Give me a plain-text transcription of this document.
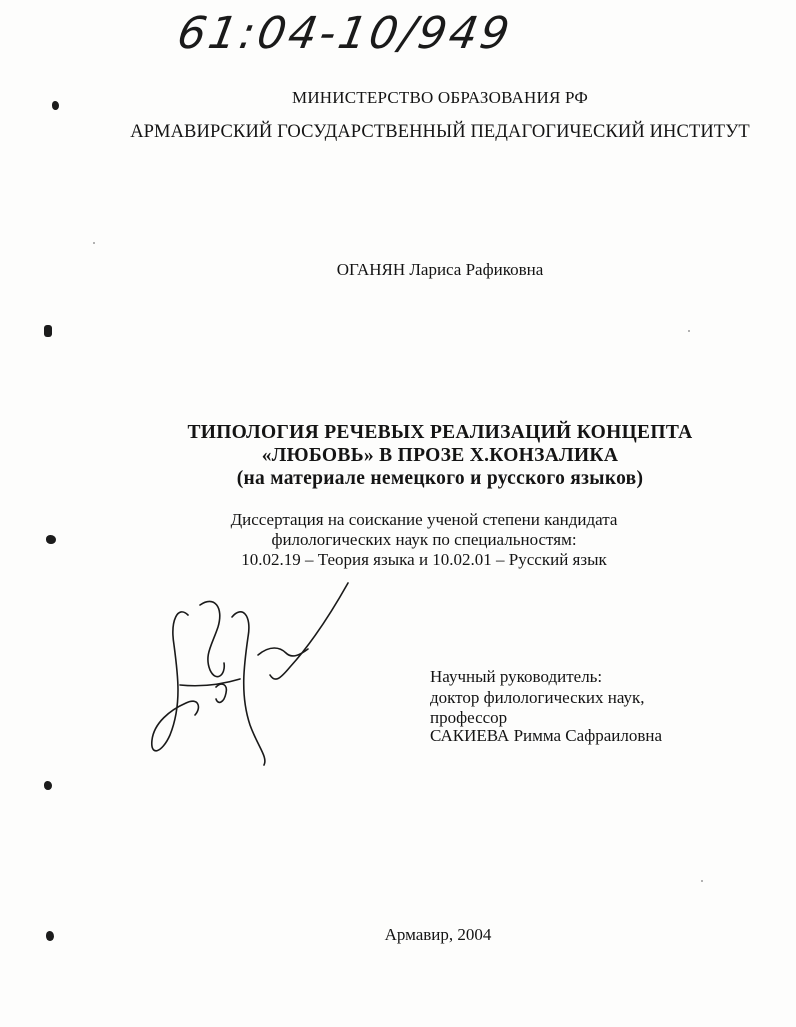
61:04-10/949
МИНИСТЕРСТВО ОБРАЗОВАНИЯ РФ
АРМАВИРСКИЙ ГОСУДАРСТВЕННЫЙ ПЕДАГОГИЧЕСКИЙ ИНСТИТУТ
ОГАНЯН Лариса Рафиковна
ТИПОЛОГИЯ РЕЧЕВЫХ РЕАЛИЗАЦИЙ КОНЦЕПТА
«ЛЮБОВЬ» В ПРОЗЕ Х.КОНЗАЛИКА
(на материале немецкого и русского языков)
Диссертация на соискание ученой степени кандидата
филологических наук по специальностям:
10.02.19 – Теория языка и 10.02.01 – Русский язык
Научный руководитель:
доктор филологических наук,
профессор
САКИЕВА Римма Сафраиловна
Армавир, 2004
